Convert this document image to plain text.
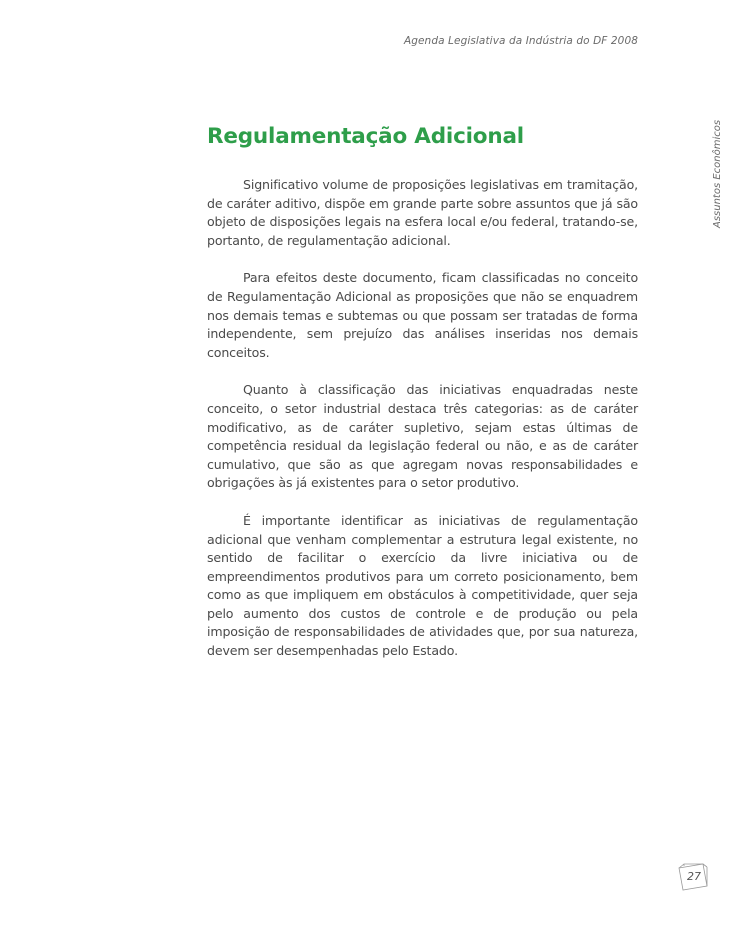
Agenda Legislativa da Indústria do DF 2008
Assuntos Econômicos
Regulamentação Adicional

Significativo volume de proposições legislativas em tramitação, de caráter aditivo, dispõe em grande parte sobre assuntos que já são objeto de disposições legais na esfera local e/ou federal, tratando-se, portanto, de regulamentação adicional.

Para efeitos deste documento, ficam classificadas no conceito de Regulamentação Adicional as proposições que não se enquadrem nos demais temas e subtemas ou que possam ser tratadas de forma independente, sem prejuízo das análises inseridas nos demais conceitos.

Quanto à classificação das iniciativas enquadradas neste conceito, o setor industrial destaca três categorias: as de caráter modificativo, as de caráter supletivo, sejam estas últimas de competência residual da legislação federal ou não, e as de caráter cumulativo, que são as que agregam novas responsabilidades e obrigações às já existentes para o setor produtivo.

É importante identificar as iniciativas de regulamentação adicional que venham complementar a estrutura legal existente, no sentido de facilitar o exercício da livre iniciativa ou de empreendimentos produtivos para um correto posicionamento, bem como as que impliquem em obstáculos à competitividade, quer seja pelo aumento dos custos de controle e de produção ou pela imposição de responsabilidades de atividades que, por sua natureza, devem ser desempenhadas pelo Estado.

27
